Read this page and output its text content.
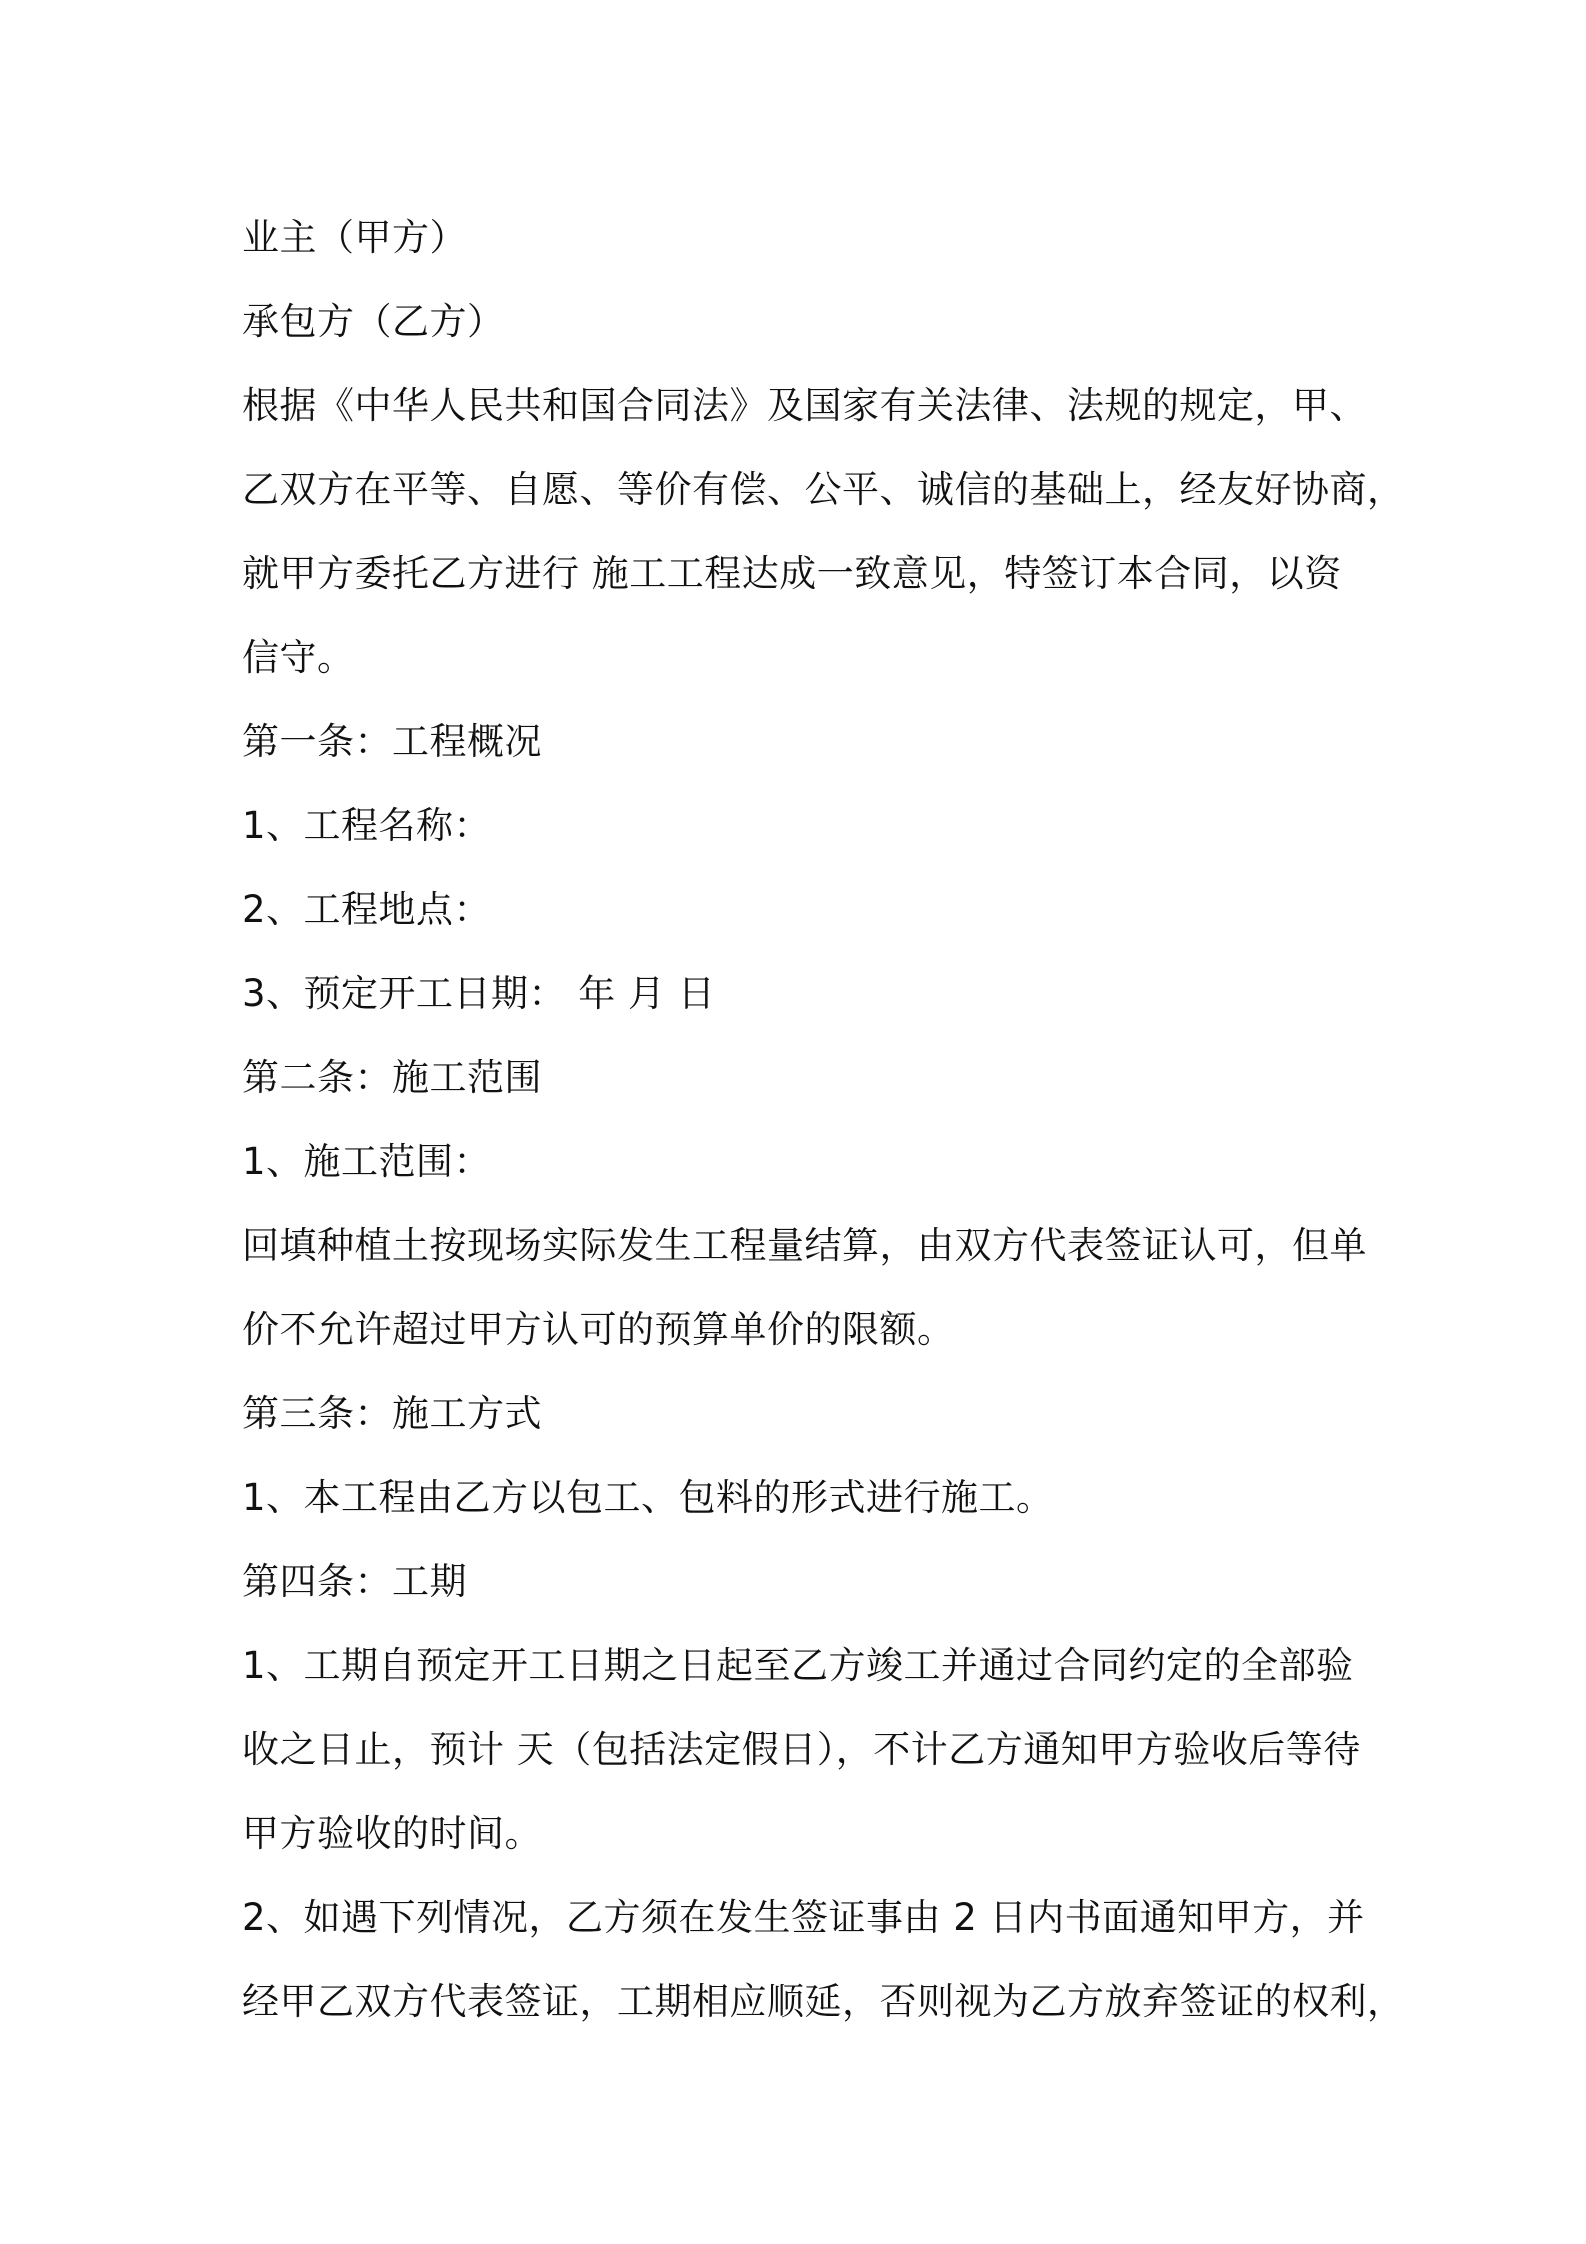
业主（甲方）
承包方（乙方）
根据《中华人民共和国合同法》及国家有关法律、法规的规定，甲、
乙双方在平等、自愿、等价有偿、公平、诚信的基础上，经友好协商，
就甲方委托乙方进行 施工工程达成一致意见，特签订本合同，以资
信守。
第一条：工程概况
1、工程名称：
2、工程地点：
3、预定开工日期： 年 月 日
第二条：施工范围
1、施工范围：
回填种植土按现场实际发生工程量结算，由双方代表签证认可，但单
价不允许超过甲方认可的预算单价的限额。
第三条：施工方式
1、本工程由乙方以包工、包料的形式进行施工。
第四条：工期
1、工期自预定开工日期之日起至乙方竣工并通过合同约定的全部验
收之日止，预计 天（包括法定假日），不计乙方通知甲方验收后等待
甲方验收的时间。
2、如遇下列情况，乙方须在发生签证事由 2 日内书面通知甲方，并
经甲乙双方代表签证，工期相应顺延，否则视为乙方放弃签证的权利，
